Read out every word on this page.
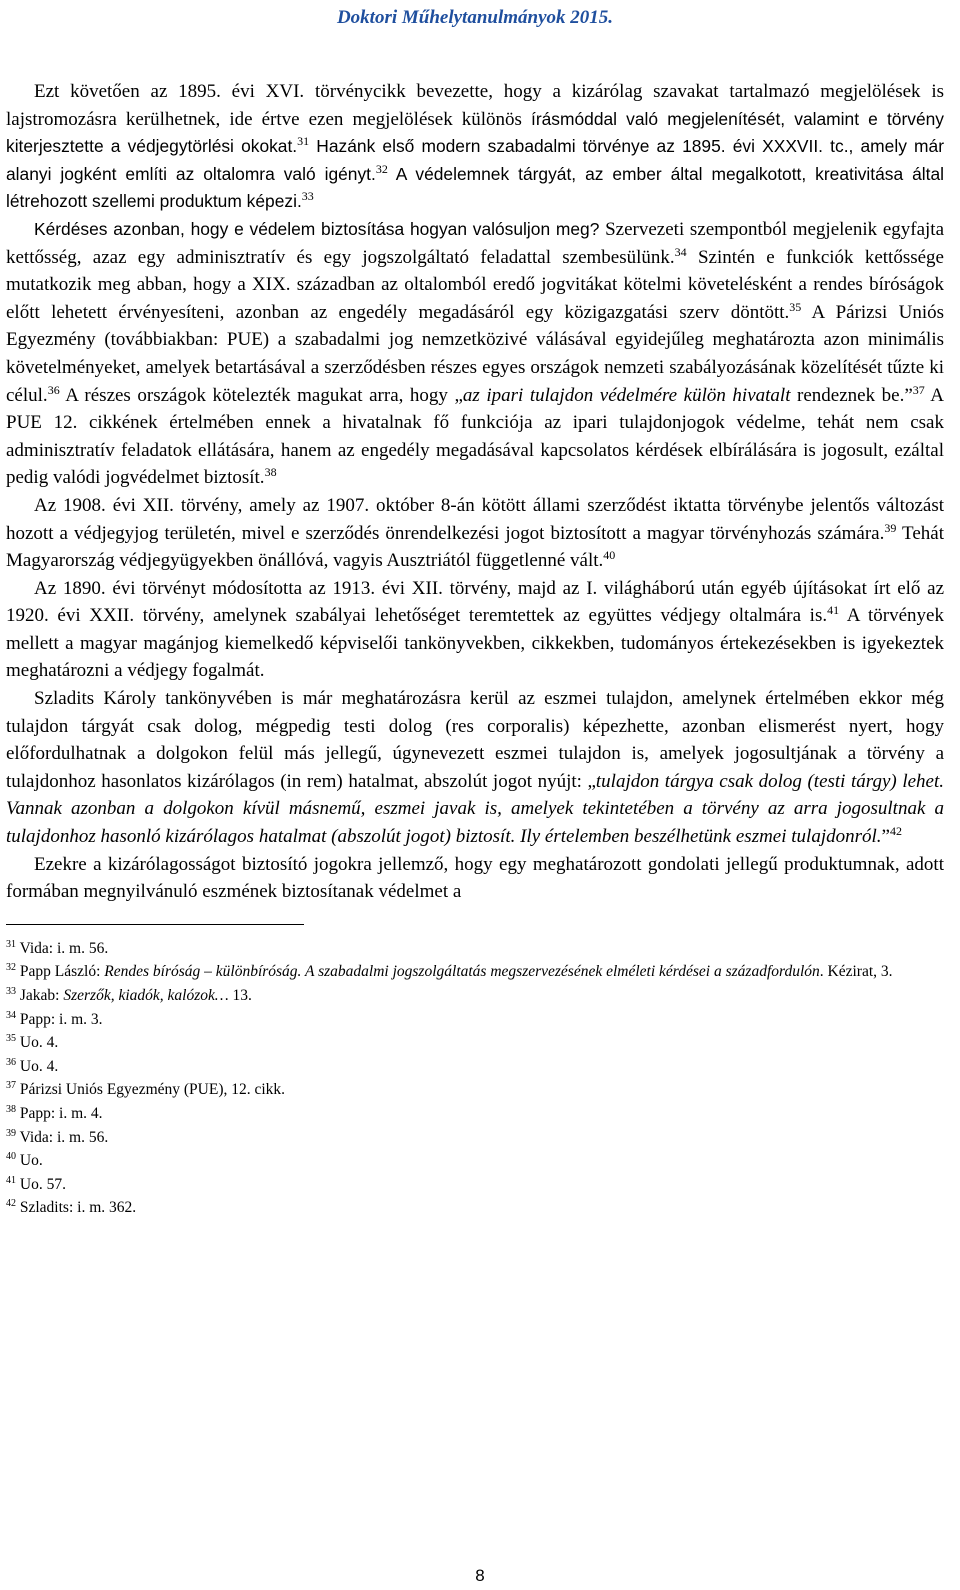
Doktori Műhelytanulmányok 2015.

Ezt követően az 1895. évi XVI. törvénycikk bevezette, hogy a kizárólag szavakat tartalmazó megjelölések is lajstromozásra kerülhetnek, ide értve ezen megjelölések különös írásmóddal való megjelenítését, valamint e törvény kiterjesztette a védjegytörlési okokat.$^{31}$ Hazánk első modern szabadalmi törvénye az 1895. évi XXXVII. tc., amely már alanyi jogként említi az oltalomra való igényt.$^{32}$ A védelemnek tárgyát, az ember által megalkotott, kreativitása által létrehozott szellemi produktum képezi.$^{33}$

Kérdéses azonban, hogy e védelem biztosítása hogyan valósuljon meg? Szervezeti szempontból megjelenik egyfajta kettősség, azaz egy adminisztratív és egy jogszolgáltató feladattal szembesülünk.$^{34}$ Szintén e funkciók kettőssége mutatkozik meg abban, hogy a XIX. században az oltalomból eredő jogvitákat kötelmi követelésként a rendes bíróságok előtt lehetett érvényesíteni, azonban az engedély megadásáról egy közigazgatási szerv döntött.$^{35}$ A Párizsi Uniós Egyezmény (továbbiakban: PUE) a szabadalmi jog nemzetközivé válásával egyidejűleg meghatározta azon minimális követelményeket, amelyek betartásával a szerződésben részes egyes országok nemzeti szabályozásának közelítését tűzte ki célul.$^{36}$ A részes országok kötelezték magukat arra, hogy „az ipari tulajdon védelmére külön hivatalt rendeznek be.”$^{37}$ A PUE 12. cikkének értelmében ennek a hivatalnak fő funkciója az ipari tulajdonjogok védelme, tehát nem csak adminisztratív feladatok ellátására, hanem az engedély megadásával kapcsolatos kérdések elbírálására is jogosult, ezáltal pedig valódi jogvédelmet biztosít.$^{38}$

Az 1908. évi XII. törvény, amely az 1907. október 8-án kötött állami szerződést iktatta törvénybe jelentős változást hozott a védjegyjog területén, mivel e szerződés önrendelkezési jogot biztosított a magyar törvényhozás számára.$^{39}$ Tehát Magyarország védjegyügyekben önállóvá, vagyis Ausztriától függetlenné vált.$^{40}$

Az 1890. évi törvényt módosította az 1913. évi XII. törvény, majd az I. világháború után egyéb újításokat írt elő az 1920. évi XXII. törvény, amelynek szabályai lehetőséget teremtettek az együttes védjegy oltalmára is.$^{41}$ A törvények mellett a magyar magánjog kiemelkedő képviselői tankönyvekben, cikkekben, tudományos értekezésekben is igyekeztek meghatározni a védjegy fogalmát.

Szladits Károly tankönyvében is már meghatározásra kerül az eszmei tulajdon, amelynek értelmében ekkor még tulajdon tárgyát csak dolog, mégpedig testi dolog (res corporalis) képezhette, azonban elismerést nyert, hogy előfordulhatnak a dolgokon felül más jellegű, úgynevezett eszmei tulajdon is, amelyek jogosultjának a törvény a tulajdonhoz hasonlatos kizárólagos (in rem) hatalmat, abszolút jogot nyújt: „tulajdon tárgya csak dolog (testi tárgy) lehet. Vannak azonban a dolgokon kívül másnemű, eszmei javak is, amelyek tekintetében a törvény az arra jogosultnak a tulajdonhoz hasonló kizárólagos hatalmat (abszolút jogot) biztosít. Ily értelemben beszélhetünk eszmei tulajdonról.”$^{42}$

Ezekre a kizárólagosságot biztosító jogokra jellemző, hogy egy meghatározott gondolati jellegű produktumnak, adott formában megnyilvánuló eszmének biztosítanak védelmet a

$^{31}$ Vida: i. m. 56.
$^{32}$ Papp László: Rendes bíróság – különbíróság. A szabadalmi jogszolgáltatás megszervezésének elméleti kérdései a századfordulón. Kézirat, 3.
$^{33}$ Jakab: Szerzők, kiadók, kalózok… 13.
$^{34}$ Papp: i. m. 3.
$^{35}$ Uo. 4.
$^{36}$ Uo. 4.
$^{37}$ Párizsi Uniós Egyezmény (PUE), 12. cikk.
$^{38}$ Papp: i. m. 4.
$^{39}$ Vida: i. m. 56.
$^{40}$ Uo.
$^{41}$ Uo. 57.
$^{42}$ Szladits: i. m. 362.
8
